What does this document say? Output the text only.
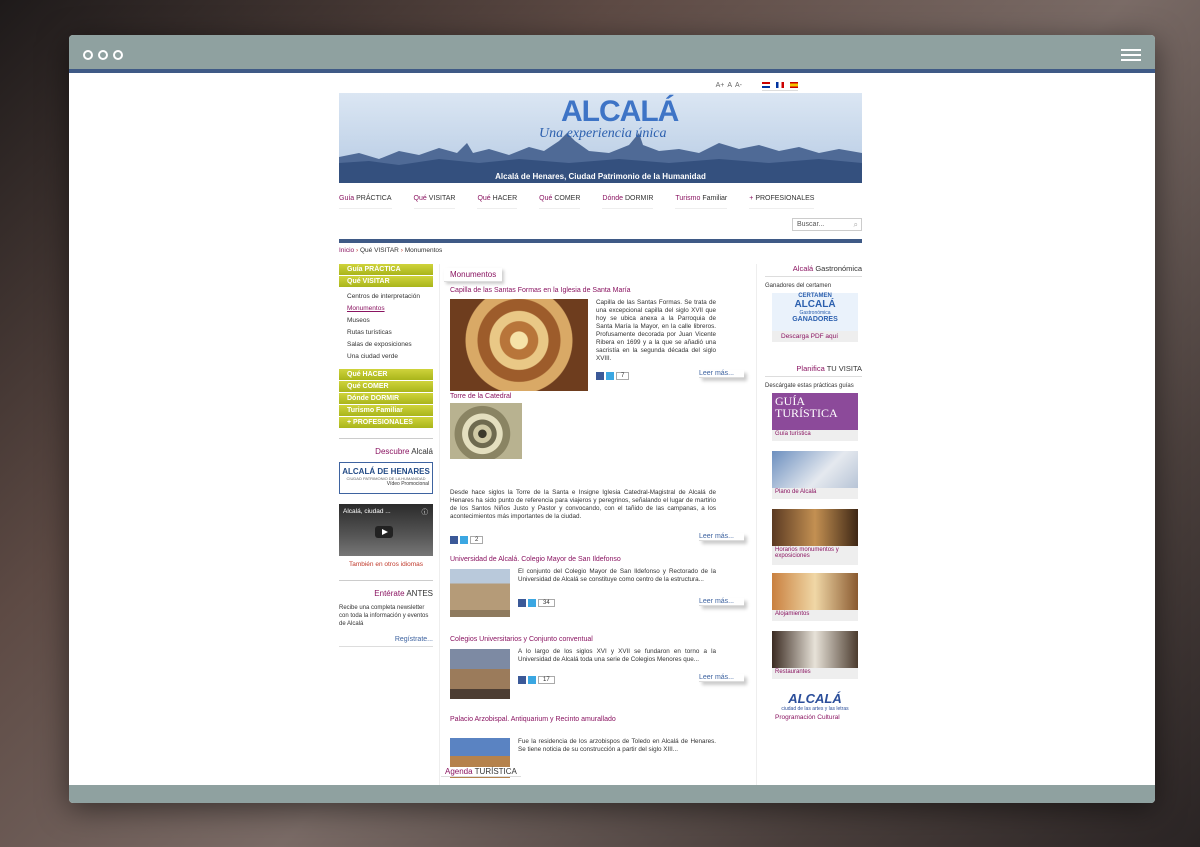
A+ A A-
ALCALÁ
Una experiencia única
Alcalá de Henares, Ciudad Patrimonio de la Humanidad
Guía PRÁCTICA	Qué VISITAR	Qué HACER	Qué COMER	Dónde DORMIR	Turismo Familiar	+ PROFESIONALES
Buscar...	⌕
Inicio › Qué VISITAR › Monumentos
Guía PRÁCTICA
Qué VISITAR
Centros de interpretación
Monumentos
Museos
Rutas turísticas
Salas de exposiciones
Una ciudad verde
Qué HACER
Qué COMER
Dónde DORMIR
Turismo Familiar
+ PROFESIONALES
Descubre Alcalá
ALCALÁ DE HENARES
CIUDAD PATRIMONIO DE LA HUMANIDAD
Vídeo Promocional
Alcalá, ciudad ...	ⓘ
También en otros idiomas
Entérate ANTES
Recibe una completa newsletter con toda la información y eventos de Alcalá
Regístrate...
Monumentos
Capilla de las Santas Formas en la Iglesia de Santa María
Capilla de las Santas Formas. Se trata de una excepcional capilla del siglo XVII que hoy se ubica anexa a la Parroquia de Santa María la Mayor, en la calle libreros. Profusamente decorada por Juan Vicente Ribera en 1699 y a la que se añadió una sacristía en la segunda década del siglo XVIII.
7	Leer más...
Torre de la Catedral
Desde hace siglos la Torre de la Santa e Insigne Iglesia Catedral-Magistral de Alcalá de Henares ha sido punto de referencia para viajeros y peregrinos, señalando el lugar de martirio de los Santos Niños Justo y Pastor y convocando, con el tañido de las campanas, a los acontecimientos más importantes de la ciudad.
2	Leer más...
Universidad de Alcalá. Colegio Mayor de San Ildefonso
El conjunto del Colegio Mayor de San Ildefonso y Rectorado de la Universidad de Alcalá se constituye como centro de la estructura...
34	Leer más...
Colegios Universitarios y Conjunto conventual
A lo largo de los siglos XVI y XVII se fundaron en torno a la Universidad de Alcalá toda una serie de Colegios Menores que...
17	Leer más...
Palacio Arzobispal. Antiquarium y Recinto amurallado
Fue la residencia de los arzobispos de Toledo en Alcalá de Henares. Se tiene noticia de su construcción a partir del siglo XIII...
Agenda TURÍSTICA
Alcalá Gastronómica
Ganadores del certamen
CERTAMEN
ALCALÁ
Gastronómica
GANADORES
Descarga PDF aquí
Planifica TU VISITA
Descárgate estas prácticas guías
GUÍA TURÍSTICA
Guía turística
Plano de Alcalá
Horarios monumentos y exposiciones
Alojamientos
Restaurantes
ALCALÁ
ciudad de las artes y las letras
Programación Cultural
